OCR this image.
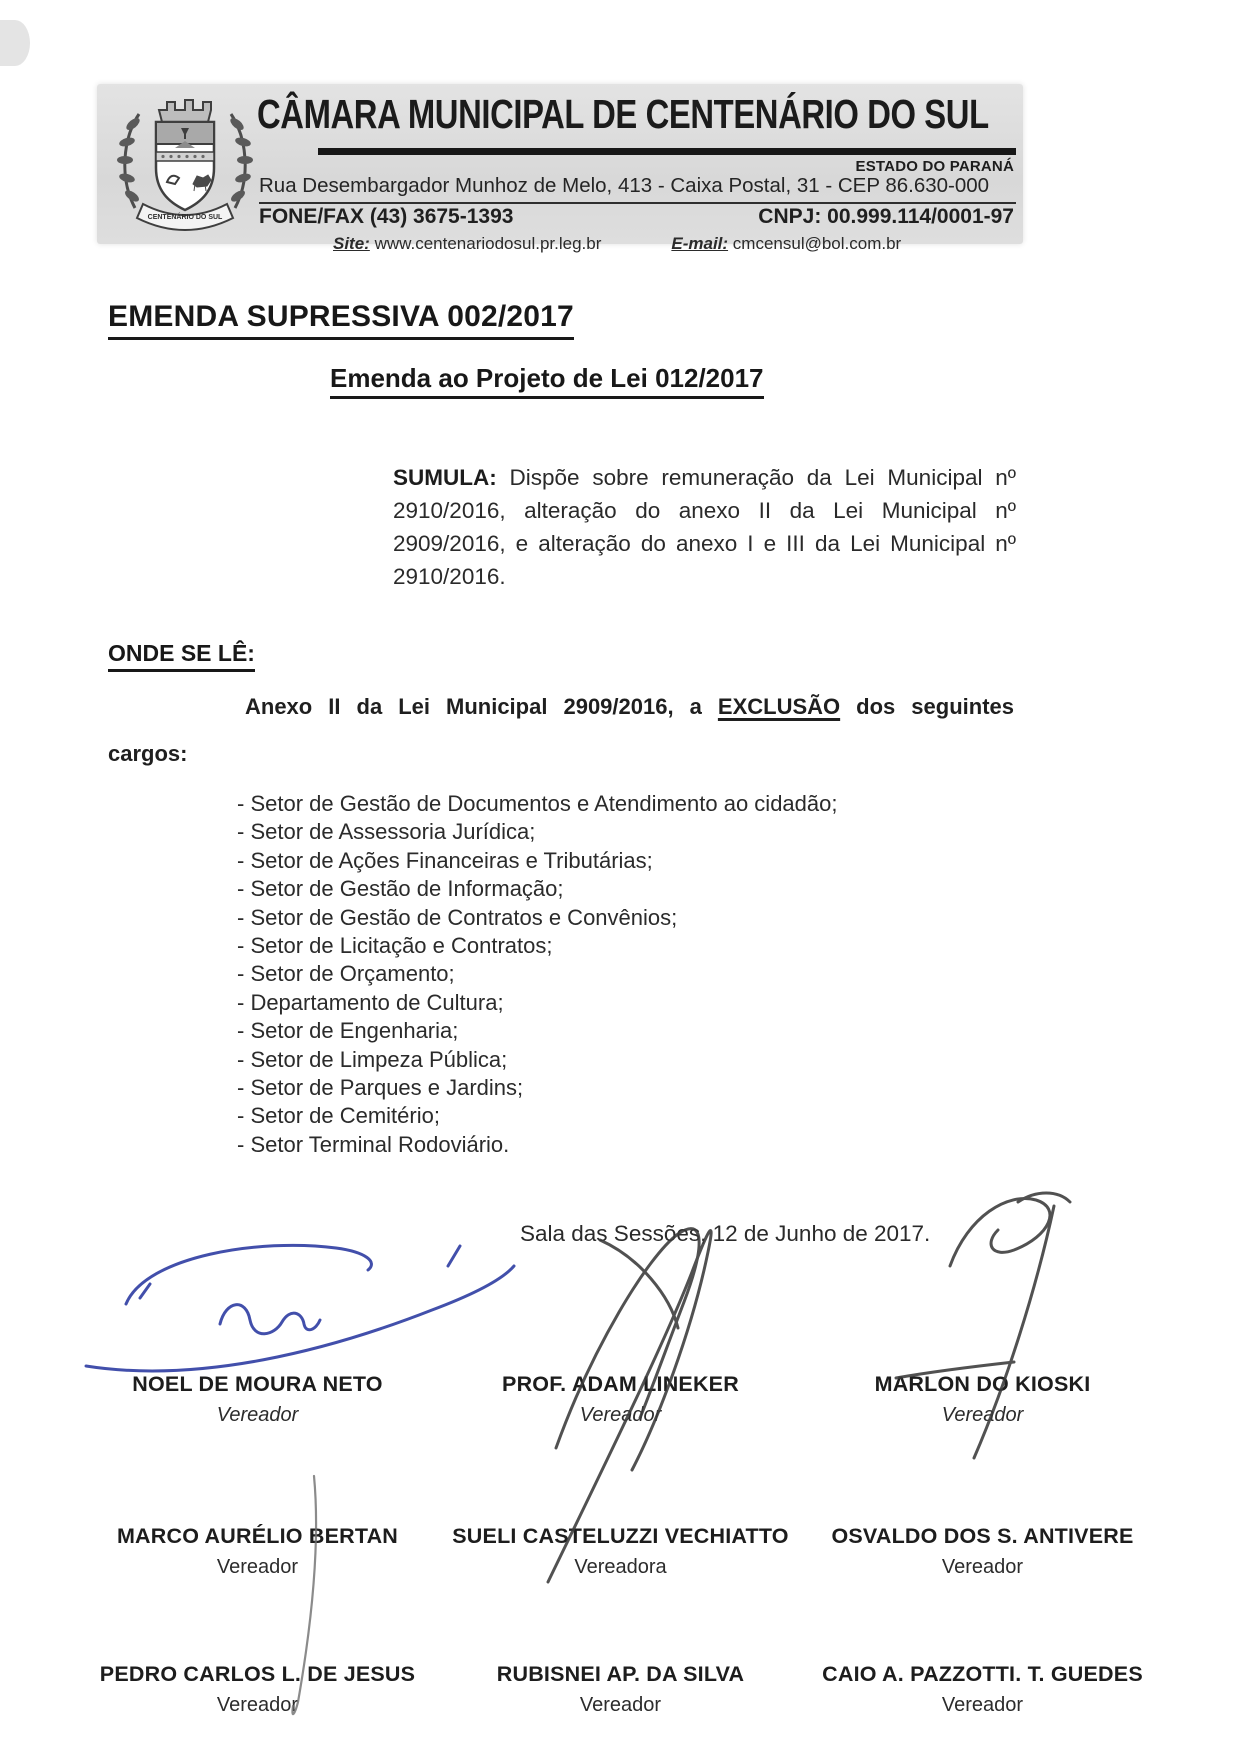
CENTENÁRIO DO SUL
CÂMARA MUNICIPAL DE CENTENÁRIO DO SUL
ESTADO DO PARANÁ
Rua Desembargador Munhoz de Melo, 413 - Caixa Postal, 31 - CEP 86.630-000
FONE/FAX (43) 3675-1393	CNPJ: 00.999.114/0001-97
Site: www.centenariodosul.pr.leg.br	E-mail: cmcensul@bol.com.br
EMENDA SUPRESSIVA 002/2017
Emenda ao Projeto de Lei 012/2017

SUMULA: Dispõe sobre remuneração da Lei Municipal nº 2910/2016, alteração do anexo II da Lei Municipal nº 2909/2016, e alteração do anexo I e III da Lei Municipal nº 2910/2016.

ONDE SE LÊ:
Anexo II da Lei Municipal 2909/2016, a EXCLUSÃO dos seguintes
cargos:
- Setor de Gestão de Documentos e Atendimento ao cidadão;
- Setor de Assessoria Jurídica;
- Setor de Ações Financeiras e Tributárias;
- Setor de Gestão de Informação;
- Setor de Gestão de Contratos e Convênios;
- Setor de Licitação e Contratos;
- Setor de Orçamento;
- Departamento de Cultura;
- Setor de Engenharia;
- Setor de Limpeza Pública;
- Setor de Parques e Jardins;
- Setor de Cemitério;
- Setor Terminal Rodoviário.
Sala das Sessões, 12 de Junho de 2017.
NOEL DE MOURA NETO
Vereador
PROF. ADAM LINEKER
Vereador
MARLON DO KIOSKI
Vereador
MARCO AURÉLIO BERTAN
Vereador
SUELI CASTELUZZI VECHIATTO
Vereadora
OSVALDO DOS S. ANTIVERE
Vereador
PEDRO CARLOS L. DE JESUS
Vereador
RUBISNEI AP. DA SILVA
Vereador
CAIO A. PAZZOTTI. T. GUEDES
Vereador
